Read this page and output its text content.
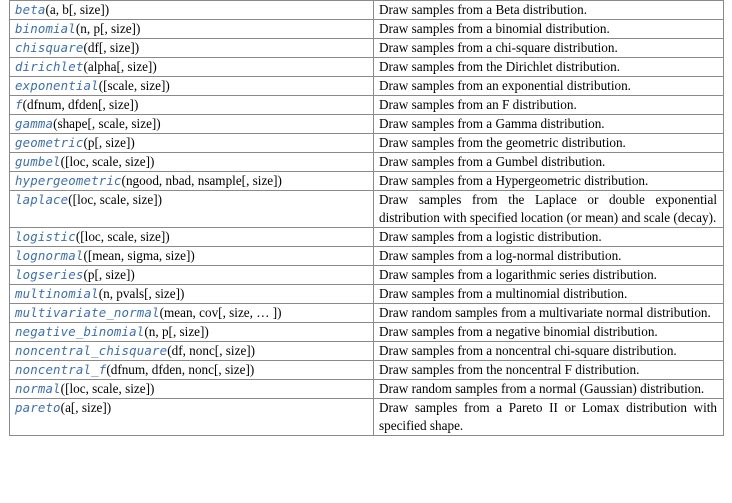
beta(a, b[, size])	Draw samples from a Beta distribution.
binomial(n, p[, size])	Draw samples from a binomial distribution.
chisquare(df[, size])	Draw samples from a chi-square distribution.
dirichlet(alpha[, size])	Draw samples from the Dirichlet distribution.
exponential([scale, size])	Draw samples from an exponential distribution.
f(dfnum, dfden[, size])	Draw samples from an F distribution.
gamma(shape[, scale, size])	Draw samples from a Gamma distribution.
geometric(p[, size])	Draw samples from the geometric distribution.
gumbel([loc, scale, size])	Draw samples from a Gumbel distribution.
hypergeometric(ngood, nbad, nsample[, size])	Draw samples from a Hypergeometric distribution.
laplace([loc, scale, size])	Draw samples from the Laplace or double exponential distribution with specified location (or mean) and scale (decay).
logistic([loc, scale, size])	Draw samples from a logistic distribution.
lognormal([mean, sigma, size])	Draw samples from a log-normal distribution.
logseries(p[, size])	Draw samples from a logarithmic series distribution.
multinomial(n, pvals[, size])	Draw samples from a multinomial distribution.
multivariate_normal(mean, cov[, size, … ])	Draw random samples from a multivariate normal distribution.
negative_binomial(n, p[, size])	Draw samples from a negative binomial distribution.
noncentral_chisquare(df, nonc[, size])	Draw samples from a noncentral chi-square distribution.
noncentral_f(dfnum, dfden, nonc[, size])	Draw samples from the noncentral F distribution.
normal([loc, scale, size])	Draw random samples from a normal (Gaussian) distribution.
pareto(a[, size])	Draw samples from a Pareto II or Lomax distribution with specified shape.
